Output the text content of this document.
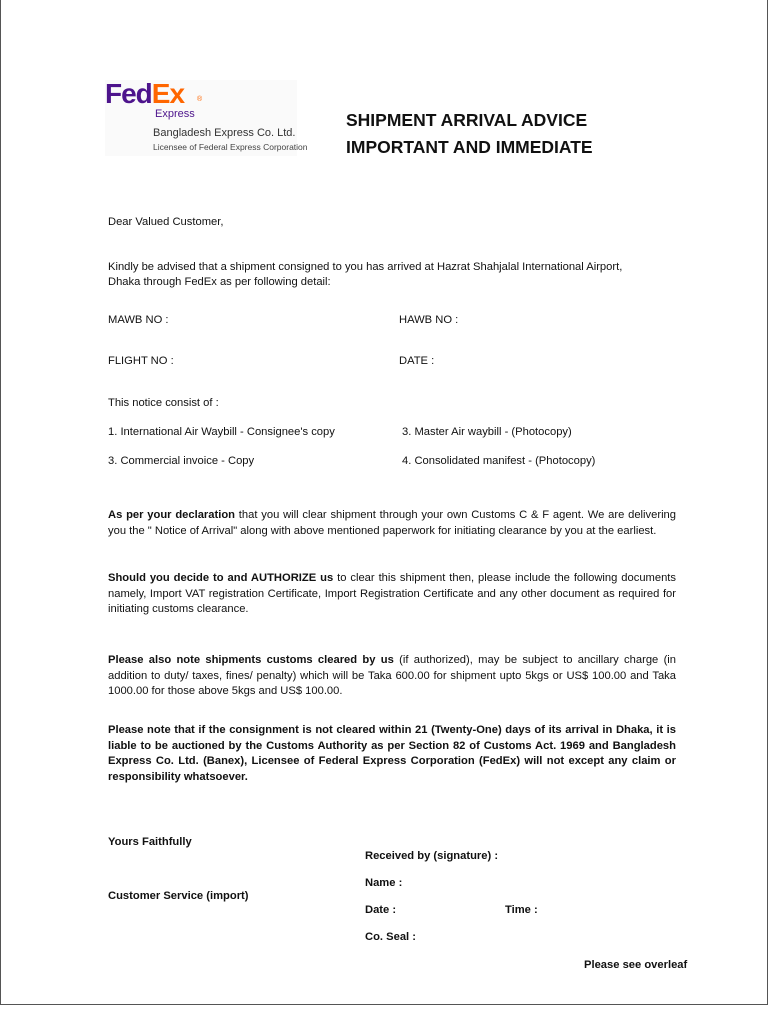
FedEx ®
Express
Bangladesh Express Co. Ltd.
Licensee of Federal Express Corporation
SHIPMENT ARRIVAL ADVICE
IMPORTANT AND IMMEDIATE
Dear Valued Customer,
Kindly be advised that a shipment consigned to you has arrived at Hazrat Shahjalal International Airport,
Dhaka through FedEx as per following detail:
MAWB NO :	HAWB NO :
FLIGHT NO :	DATE :
This notice consist of :
1. International Air Waybill - Consignee's copy	3. Master Air waybill - (Photocopy)
3. Commercial invoice - Copy	4. Consolidated manifest - (Photocopy)
As per your declaration that you will clear shipment through your own Customs C & F agent. We are delivering you the " Notice of Arrival" along with above mentioned paperwork for initiating clearance by you at the earliest.
Should you decide to and AUTHORIZE us to clear this shipment then, please include the following documents namely, Import VAT registration Certificate, Import Registration Certificate and any other document as required for initiating customs clearance.
Please also note shipments customs cleared by us (if authorized), may be subject to ancillary charge (in addition to duty/ taxes, fines/ penalty) which will be Taka 600.00 for shipment upto 5kgs or US$ 100.00 and Taka 1000.00 for those above 5kgs and US$ 100.00.
Please note that if the consignment is not cleared within 21 (Twenty-One) days of its arrival in Dhaka, it is liable to be auctioned by the Customs Authority as per Section 82 of Customs Act. 1969 and Bangladesh Express Co. Ltd. (Banex), Licensee of Federal Express Corporation (FedEx) will not except any claim or responsibility whatsoever.
Yours Faithfully
Customer Service (import)
Received by (signature) :
Name :
Date :	Time :
Co. Seal :
Please see overleaf
